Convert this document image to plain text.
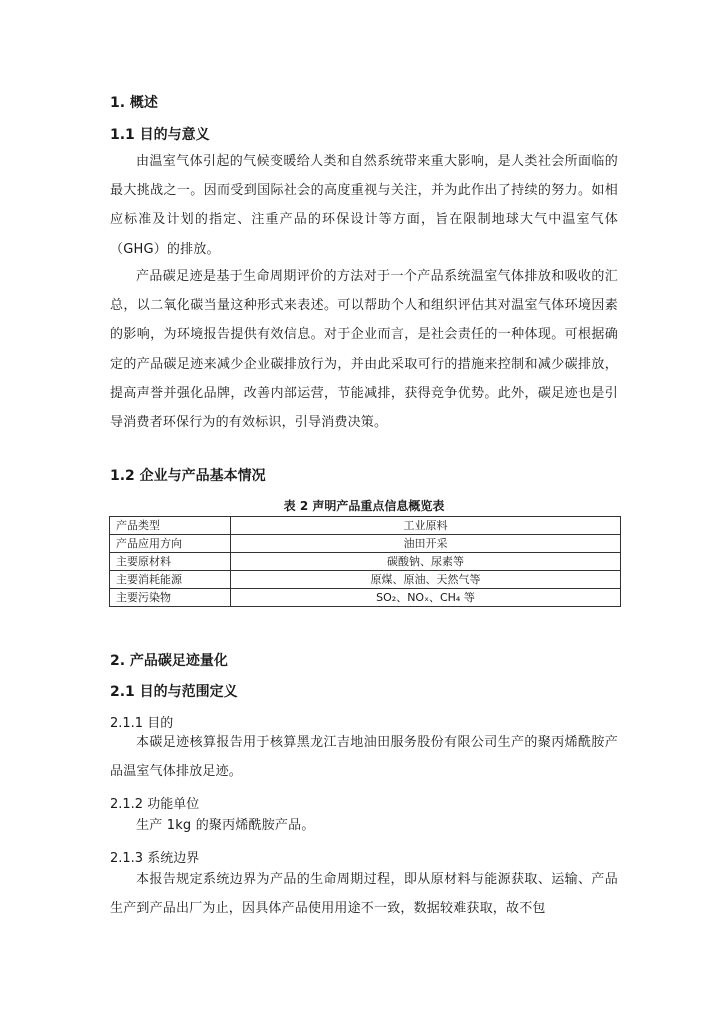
1. 概述
1.1 目的与意义
由温室气体引起的气候变暖给人类和自然系统带来重大影响，是人类社会所面临的最大挑战之一。因而受到国际社会的高度重视与关注，并为此作出了持续的努力。如相应标准及计划的指定、注重产品的环保设计等方面，旨在限制地球大气中温室气体（GHG）的排放。
产品碳足迹是基于生命周期评价的方法对于一个产品系统温室气体排放和吸收的汇总，以二氧化碳当量这种形式来表述。可以帮助个人和组织评估其对温室气体环境因素的影响，为环境报告提供有效信息。对于企业而言，是社会责任的一种体现。可根据确定的产品碳足迹来减少企业碳排放行为，并由此采取可行的措施来控制和减少碳排放，提高声誉并强化品牌，改善内部运营，节能减排，获得竞争优势。此外，碳足迹也是引导消费者环保行为的有效标识，引导消费决策。
1.2 企业与产品基本情况
表 2 声明产品重点信息概览表
产品类型	工业原料
产品应用方向	油田开采
主要原材料	碳酸钠、尿素等
主要消耗能源	原煤、原油、天然气等
主要污染物	SO₂、NOₓ、CH₄ 等
2. 产品碳足迹量化
2.1 目的与范围定义
2.1.1 目的
本碳足迹核算报告用于核算黑龙江吉地油田服务股份有限公司生产的聚丙烯酰胺产品温室气体排放足迹。
2.1.2 功能单位
生产 1kg 的聚丙烯酰胺产品。
2.1.3 系统边界
本报告规定系统边界为产品的生命周期过程，即从原材料与能源获取、运输、产品生产到产品出厂为止，因具体产品使用用途不一致，数据较难获取，故不包
